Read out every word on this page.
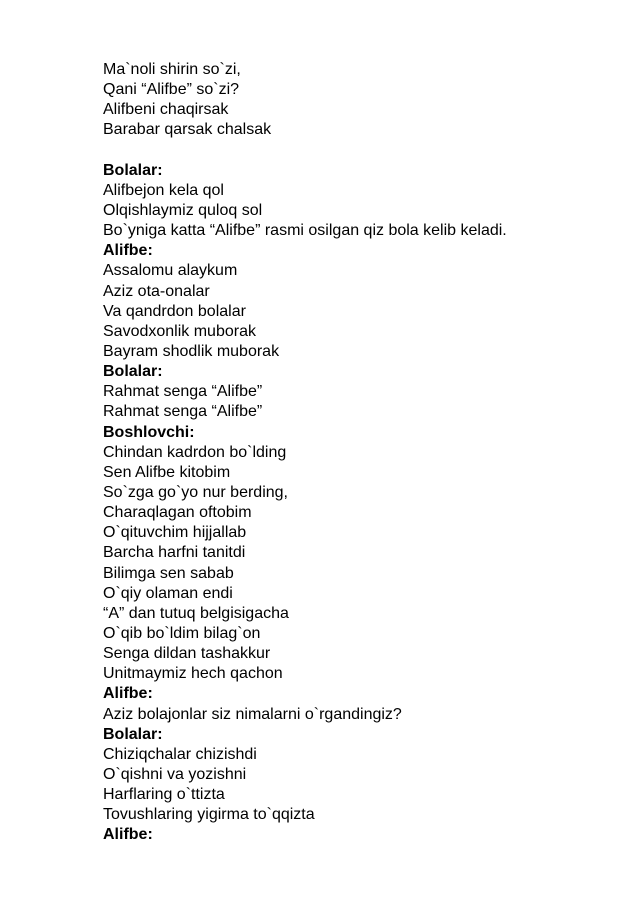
Ma`noli shirin so`zi,
Qani “Alifbe” so`zi?
Alifbeni chaqirsak
Barabar qarsak chalsak
Bolalar:
Alifbejon kela qol
Olqishlaymiz quloq sol
Bo`yniga katta “Alifbe” rasmi osilgan qiz bola kelib keladi.
Alifbe:
Assalomu alaykum
Aziz ota-onalar
Va qandrdon bolalar
Savodxonlik muborak
Bayram shodlik muborak
Bolalar:
Rahmat senga “Alifbe”
Rahmat senga “Alifbe”
Boshlovchi:
Chindan kadrdon bo`lding
Sen Alifbe kitobim
So`zga go`yo nur berding,
Charaqlagan oftobim
O`qituvchim hijjallab
Barcha harfni tanitdi
Bilimga sen sabab
O`qiy olaman endi
“A” dan tutuq belgisigacha
O`qib bo`ldim bilag`on
Senga dildan tashakkur
Unitmaymiz hech qachon
Alifbe:
Aziz bolajonlar siz nimalarni o`rgandingiz?
Bolalar:
Chiziqchalar chizishdi
O`qishni va yozishni
Harflaring o`ttizta
Tovushlaring yigirma to`qqizta
Alifbe:
